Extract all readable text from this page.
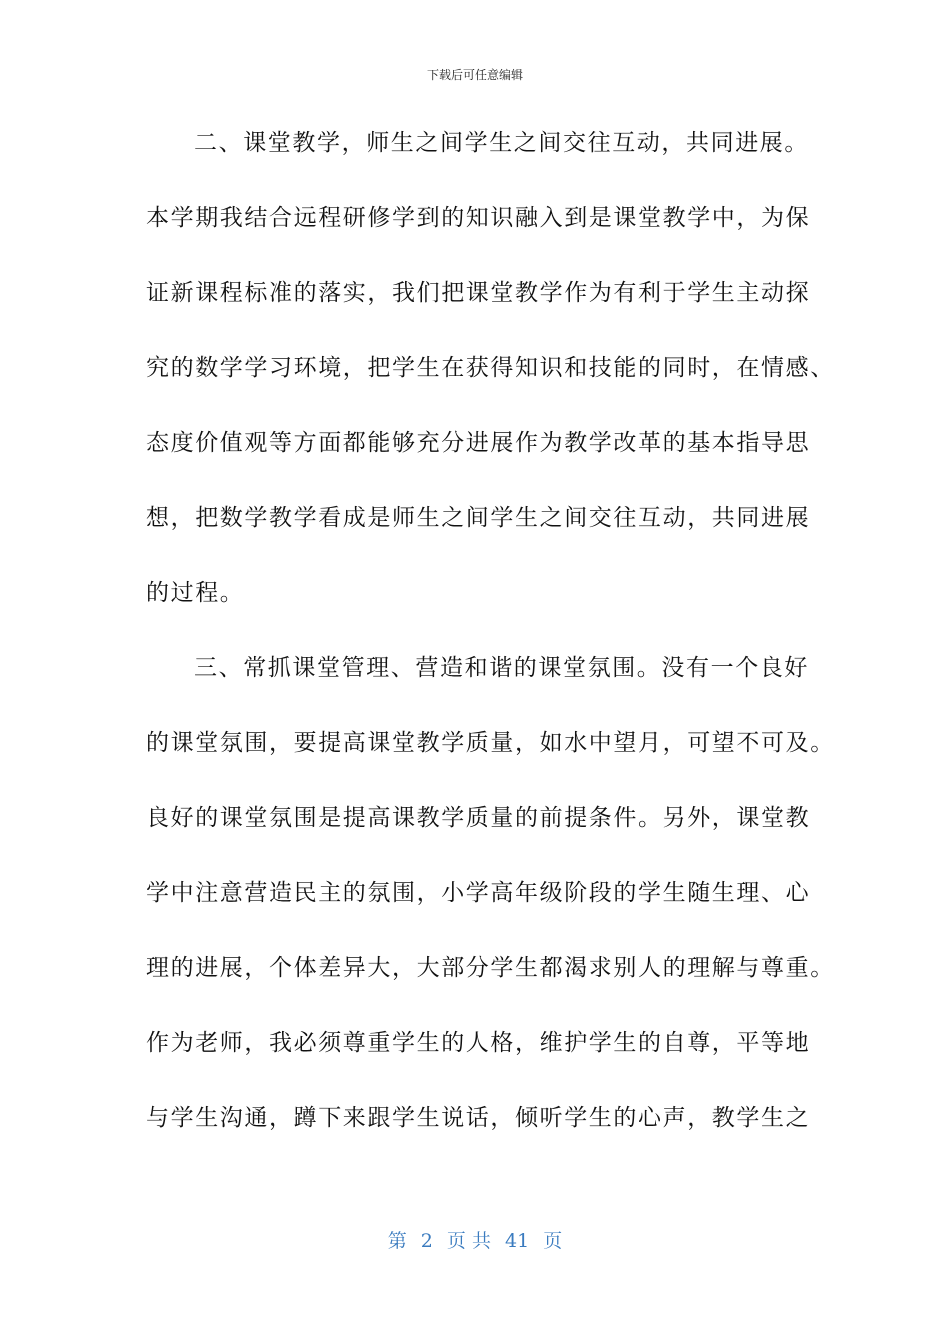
下载后可任意编辑
二、课堂教学，师生之间学生之间交往互动，共同进展。
本学期我结合远程研修学到的知识融入到是课堂教学中，为保
证新课程标准的落实，我们把课堂教学作为有利于学生主动探
究的数学学习环境，把学生在获得知识和技能的同时，在情感、
态度价值观等方面都能够充分进展作为教学改革的基本指导思
想，把数学教学看成是师生之间学生之间交往互动，共同进展
的过程。
三、常抓课堂管理、营造和谐的课堂氛围。没有一个良好
的课堂氛围，要提高课堂教学质量，如水中望月，可望不可及。
良好的课堂氛围是提高课教学质量的前提条件。另外，课堂教
学中注意营造民主的氛围，小学高年级阶段的学生随生理、心
理的进展，个体差异大，大部分学生都渴求别人的理解与尊重。
作为老师，我必须尊重学生的人格，维护学生的自尊，平等地
与学生沟通，蹲下来跟学生说话，倾听学生的心声，教学生之
第 2 页 共 41 页
